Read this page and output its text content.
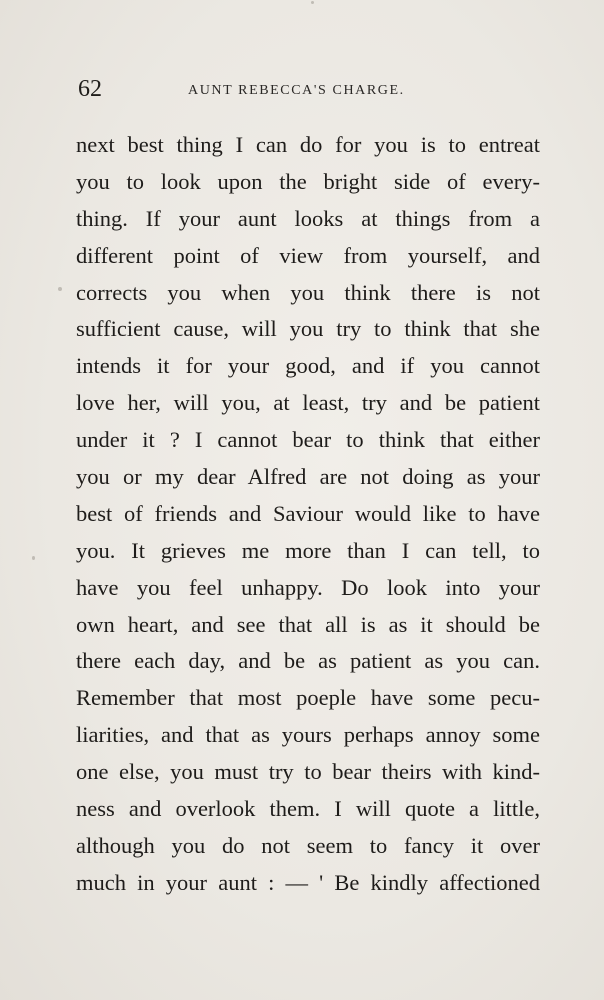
62	AUNT REBECCA'S CHARGE.
next best thing I can do for you is to entreat
you to look upon the bright side of every-
thing. If your aunt looks at things from a
different point of view from yourself, and
corrects you when you think there is not
sufficient cause, will you try to think that she
intends it for your good, and if you cannot
love her, will you, at least, try and be patient
under it ? I cannot bear to think that either
you or my dear Alfred are not doing as your
best of friends and Saviour would like to have
you. It grieves me more than I can tell, to
have you feel unhappy. Do look into your
own heart, and see that all is as it should be
there each day, and be as patient as you can.
Remember that most poeple have some pecu-
liarities, and that as yours perhaps annoy some
one else, you must try to bear theirs with kind-
ness and overlook them. I will quote a little,
although you do not seem to fancy it over
much in your aunt : — ' Be kindly affectioned
